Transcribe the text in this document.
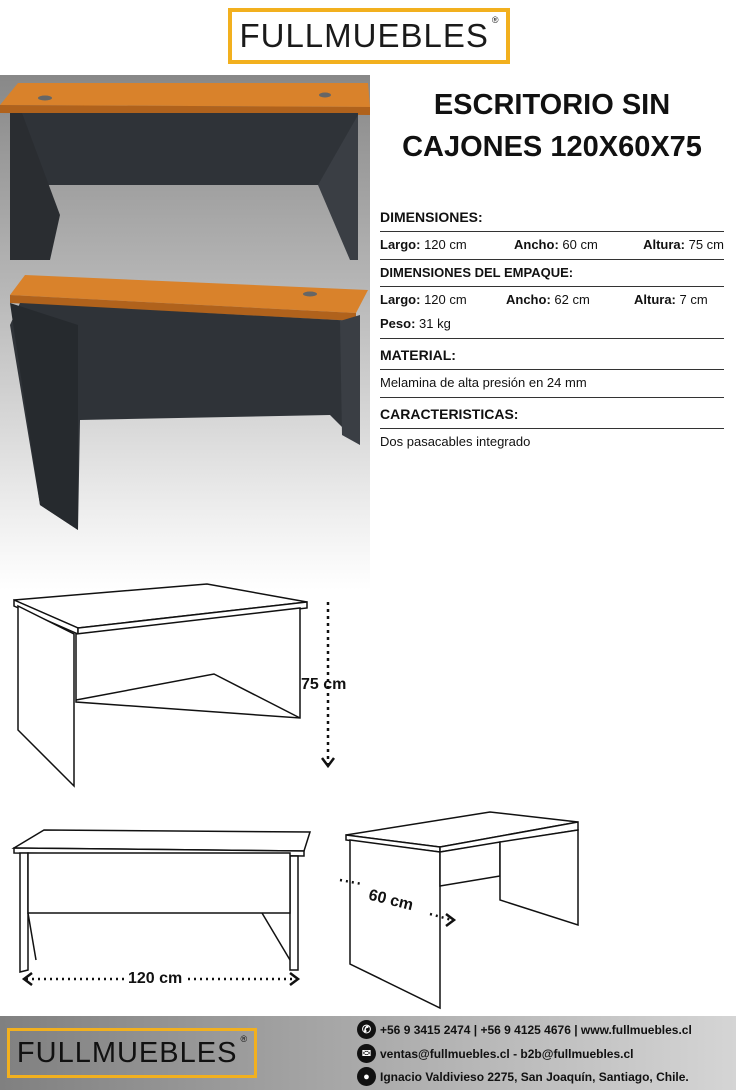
FULLMUEBLES ®
ESCRITORIO SIN CAJONES 120X60X75
DIMENSIONES:
Largo: 120 cm	Ancho: 60 cm	Altura: 75 cm
DIMENSIONES DEL EMPAQUE:
Largo: 120 cm	Ancho: 62 cm	Altura: 7 cm
Peso:
31 kg
MATERIAL:
Melamina de alta presión en 24 mm
CARACTERISTICAS:
Dos pasacables integrado
75 cm
60 cm
120 cm
FULLMUEBLES ®
✆ +56 9 3415 2474 | +56 9 4125 4676 | www.fullmuebles.cl
✉ ventas@fullmuebles.cl - b2b@fullmuebles.cl
● Ignacio Valdivieso 2275, San Joaquín, Santiago, Chile.
